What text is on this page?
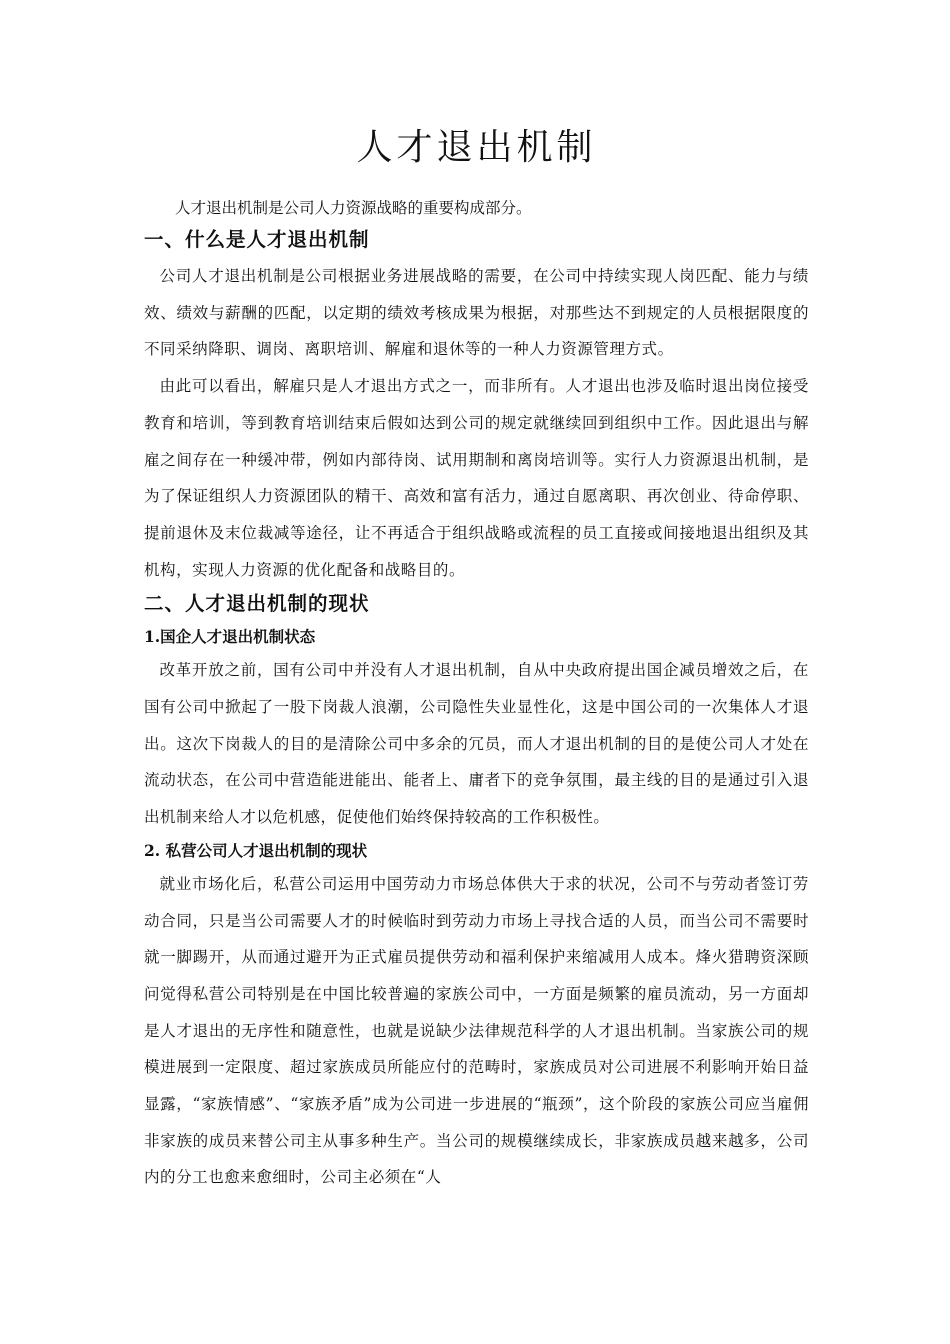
人才退出机制

人才退出机制是公司人力资源战略的重要构成部分。

一、什么是人才退出机制

公司人才退出机制是公司根据业务进展战略的需要，在公司中持续实现人岗匹配、能力与绩效、绩效与薪酬的匹配，以定期的绩效考核成果为根据，对那些达不到规定的人员根据限度的不同采纳降职、调岗、离职培训、解雇和退休等的一种人力资源管理方式。

由此可以看出，解雇只是人才退出方式之一，而非所有。人才退出也涉及临时退出岗位接受教育和培训，等到教育培训结束后假如达到公司的规定就继续回到组织中工作。因此退出与解雇之间存在一种缓冲带，例如内部待岗、试用期制和离岗培训等。实行人力资源退出机制，是为了保证组织人力资源团队的精干、高效和富有活力，通过自愿离职、再次创业、待命停职、提前退休及末位裁减等途径，让不再适合于组织战略或流程的员工直接或间接地退出组织及其机构，实现人力资源的优化配备和战略目的。

二、人才退出机制的现状
1.国企人才退出机制状态

改革开放之前，国有公司中并没有人才退出机制，自从中央政府提出国企减员增效之后，在国有公司中掀起了一股下岗裁人浪潮，公司隐性失业显性化，这是中国公司的一次集体人才退出。这次下岗裁人的目的是清除公司中多余的冗员，而人才退出机制的目的是使公司人才处在流动状态，在公司中营造能进能出、能者上、庸者下的竞争氛围，最主线的目的是通过引入退出机制来给人才以危机感，促使他们始终保持较高的工作积极性。

2. 私营公司人才退出机制的现状

就业市场化后，私营公司运用中国劳动力市场总体供大于求的状况，公司不与劳动者签订劳动合同，只是当公司需要人才的时候临时到劳动力市场上寻找合适的人员，而当公司不需要时就一脚踢开，从而通过避开为正式雇员提供劳动和福利保护来缩减用人成本。烽火猎聘资深顾问觉得私营公司特别是在中国比较普遍的家族公司中，一方面是频繁的雇员流动，另一方面却是人才退出的无序性和随意性，也就是说缺少法律规范科学的人才退出机制。当家族公司的规模进展到一定限度、超过家族成员所能应付的范畴时，家族成员对公司进展不利影响开始日益显露，“家族情感”、“家族矛盾”成为公司进一步进展的“瓶颈”，这个阶段的家族公司应当雇佣非家族的成员来替公司主从事多种生产。当公司的规模继续成长，非家族成员越来越多，公司内的分工也愈来愈细时，公司主必须在“人
